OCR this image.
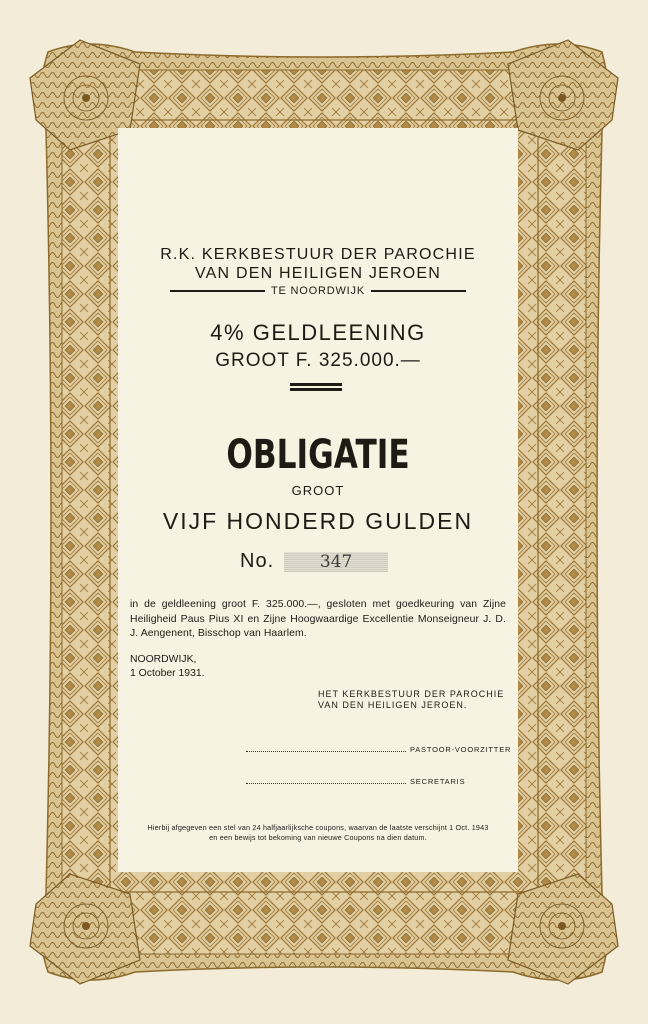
R.K. KERKBESTUUR DER PAROCHIE
VAN DEN HEILIGEN JEROEN
TE NOORDWIJK
4% GELDLEENING
GROOT F. 325.000.—
OBLIGATIE
GROOT
VIJF HONDERD GULDEN
No.	347
in de geldleening groot F. 325.000.—, gesloten met goedkeuring van Zijne Heiligheid Paus Pius XI en Zijne Hoogwaardige Excellentie Monseigneur J. D. J. Aengenent, Bisschop van Haarlem.
NOORDWIJK,
1 October 1931.
HET KERKBESTUUR DER PAROCHIE
VAN DEN HEILIGEN JEROEN.
PASTOOR-VOORZITTER
SECRETARIS
Hierbij afgegeven een stel van 24 halfjaarlijksche coupons, waarvan de laatste verschijnt 1 Oct. 1943
en een bewijs tot bekoming van nieuwe Coupons na dien datum.
